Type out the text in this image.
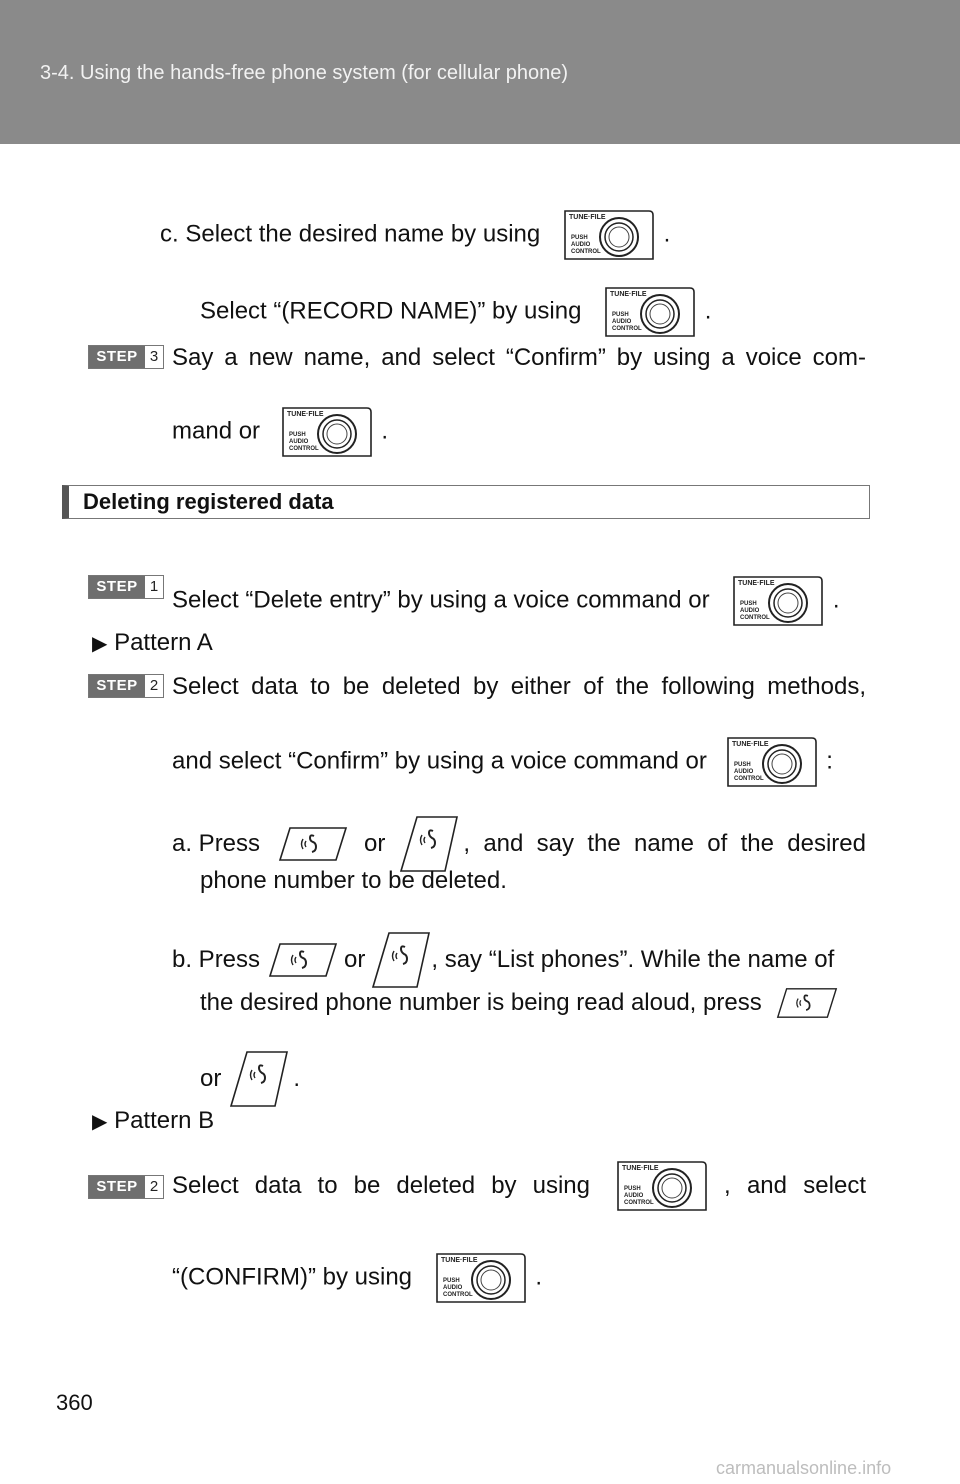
3-4. Using the hands-free phone system (for cellular phone)
c. Select the desired name by using	.
Select “(RECORD NAME)” by using	.
STEP 3 Say a new name, and select “Confirm” by using a voice com-
mand or	.
Deleting registered data
STEP 1 Select “Delete entry” by using a voice command or	.
▶ Pattern A
STEP 2 Select data to be deleted by either of the following methods,
and select “Confirm” by using a voice command or	:
a. Press	or	, and say the name of the desired
phone number to be deleted.
b. Press	or	, say “List phones”. While the name of
the desired phone number is being read aloud, press
or	.
▶ Pattern B
STEP 2 Select data to be deleted by using	, and select
“(CONFIRM)” by using	.
360
carmanualsonline.info
